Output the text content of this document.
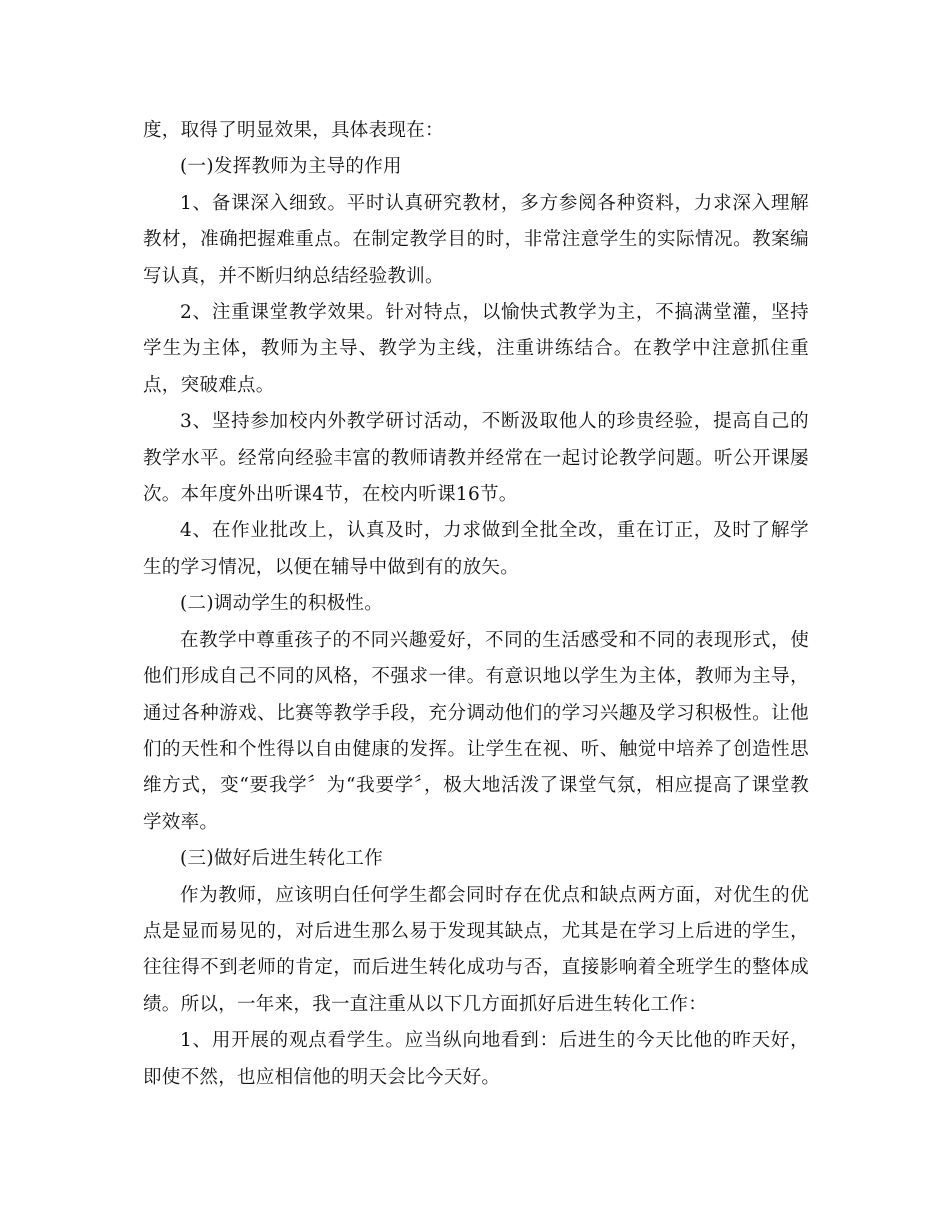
度，取得了明显效果，具体表现在：

(一)发挥教师为主导的作用

1、备课深入细致。平时认真研究教材，多方参阅各种资料，力求深入理解教材，准确把握难重点。在制定教学目的时，非常注意学生的实际情况。教案编写认真，并不断归纳总结经验教训。

2、注重课堂教学效果。针对特点，以愉快式教学为主，不搞满堂灌，坚持学生为主体，教师为主导、教学为主线，注重讲练结合。在教学中注意抓住重点，突破难点。

3、坚持参加校内外教学研讨活动，不断汲取他人的珍贵经验，提高自己的教学水平。经常向经验丰富的教师请教并经常在一起讨论教学问题。听公开课屡次。本年度外出听课4节，在校内听课16节。

4、在作业批改上，认真及时，力求做到全批全改，重在订正，及时了解学生的学习情况，以便在辅导中做到有的放矢。

(二)调动学生的积极性。

在教学中尊重孩子的不同兴趣爱好，不同的生活感受和不同的表现形式，使他们形成自己不同的风格，不强求一律。有意识地以学生为主体，教师为主导，通过各种游戏、比赛等教学手段，充分调动他们的学习兴趣及学习积极性。让他们的天性和个性得以自由健康的发挥。让学生在视、听、触觉中培养了创造性思维方式，变“要我学〞为“我要学〞，极大地活泼了课堂气氛，相应提高了课堂教学效率。

(三)做好后进生转化工作

作为教师，应该明白任何学生都会同时存在优点和缺点两方面，对优生的优点是显而易见的，对后进生那么易于发现其缺点，尤其是在学习上后进的学生，往往得不到老师的肯定，而后进生转化成功与否，直接影响着全班学生的整体成绩。所以，一年来，我一直注重从以下几方面抓好后进生转化工作：

1、用开展的观点看学生。应当纵向地看到：后进生的今天比他的昨天好，即使不然，也应相信他的明天会比今天好。
